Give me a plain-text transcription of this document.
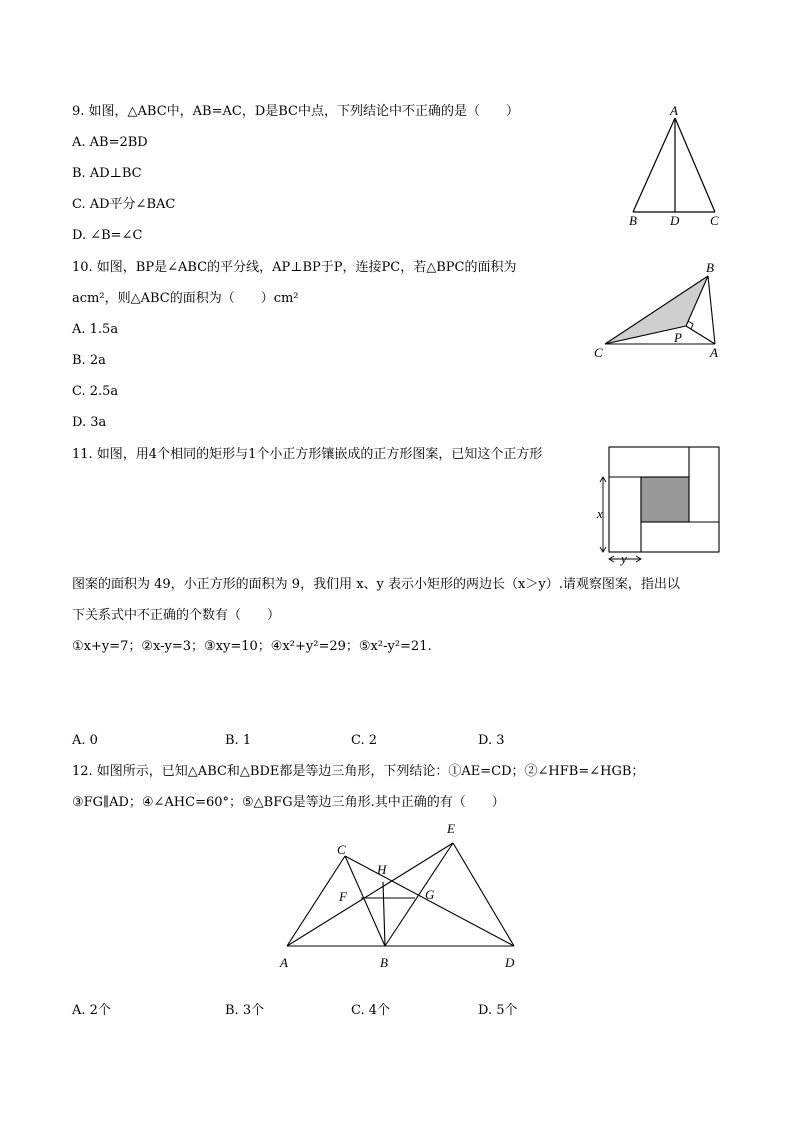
9. 如图，△ABC中，AB=AC，D是BC中点，下列结论中不正确的是（　　）
A. AB=2BD
B. AD⊥BC
C. AD平分∠BAC
D. ∠B=∠C
A
B	D C
10. 如图，BP是∠ABC的平分线，AP⊥BP于P，连接PC，若△BPC的面积为
acm²，则△ABC的面积为（　　）cm²
A. 1.5a
B. 2a
C. 2.5a
D. 3a
B
C
P
A
11. 如图，用4个相同的矩形与1个小正方形镶嵌成的正方形图案，已知这个正方形
x
y
图案的面积为 49，小正方形的面积为 9，我们用 x、y 表示小矩形的两边长（x＞y）.请观察图案，指出以
下关系式中不正确的个数有（　　）
①x+y=7；②x-y=3；③xy=10；④x²+y²=29；⑤x²-y²=21.
A. 0	B. 1	C. 2	D. 3
12. 如图所示，已知△ABC和△BDE都是等边三角形，下列结论：①AE=CD；②∠HFB=∠HGB；
③FG∥AD；④∠AHC=60°；⑤△BFG是等边三角形.其中正确的有（　　）
C
E
H
F	G
A	B	D
A. 2个	B. 3个	C. 4个	D. 5个
